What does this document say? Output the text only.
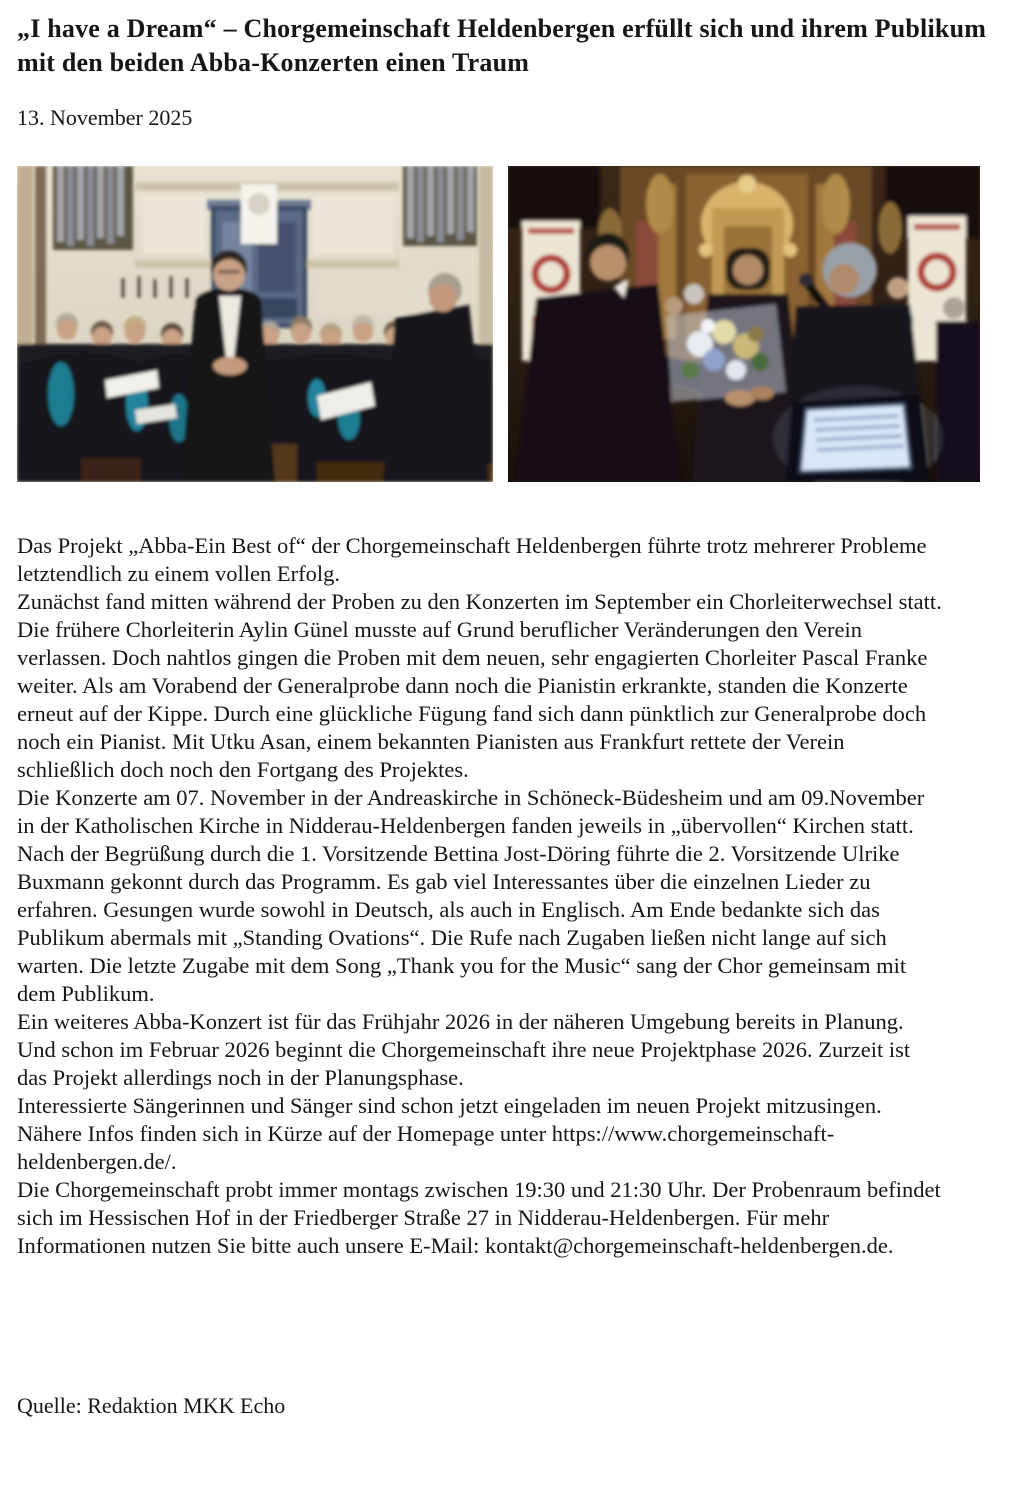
„I have a Dream“ – Chorgemeinschaft Heldenbergen erfüllt sich und ihrem Publikum mit den beiden Abba-Konzerten einen Traum
13. November 2025

Das Projekt „Abba-Ein Best of“ der Chorgemeinschaft Heldenbergen führte trotz mehrerer Probleme letztendlich zu einem vollen Erfolg.

Zunächst fand mitten während der Proben zu den Konzerten im September ein Chorleiterwechsel statt. Die frühere Chorleiterin Aylin Günel musste auf Grund beruflicher Veränderungen den Verein verlassen. Doch nahtlos gingen die Proben mit dem neuen, sehr engagierten Chorleiter Pascal Franke weiter. Als am Vorabend der Generalprobe dann noch die Pianistin erkrankte, standen die Konzerte erneut auf der Kippe. Durch eine glückliche Fügung fand sich dann pünktlich zur Generalprobe doch noch ein Pianist. Mit Utku Asan, einem bekannten Pianisten aus Frankfurt rettete der Verein schließlich doch noch den Fortgang des Projektes.

Die Konzerte am 07. November in der Andreaskirche in Schöneck-Büdesheim und am 09.November in der Katholischen Kirche in Nidderau-Heldenbergen fanden jeweils in „übervollen“ Kirchen statt. Nach der Begrüßung durch die 1. Vorsitzende Bettina Jost-Döring führte die 2. Vorsitzende Ulrike Buxmann gekonnt durch das Programm. Es gab viel Interessantes über die einzelnen Lieder zu erfahren. Gesungen wurde sowohl in Deutsch, als auch in Englisch. Am Ende bedankte sich das Publikum abermals mit „Standing Ovations“. Die Rufe nach Zugaben ließen nicht lange auf sich warten. Die letzte Zugabe mit dem Song „Thank you for the Music“ sang der Chor gemeinsam mit dem Publikum.

Ein weiteres Abba-Konzert ist für das Frühjahr 2026 in der näheren Umgebung bereits in Planung. Und schon im Februar 2026 beginnt die Chorgemeinschaft ihre neue Projektphase 2026. Zurzeit ist das Projekt allerdings noch in der Planungsphase.

Interessierte Sängerinnen und Sänger sind schon jetzt eingeladen im neuen Projekt mitzusingen. Nähere Infos finden sich in Kürze auf der Homepage unter https://www.chorgemeinschaft-heldenbergen.de/.

Die Chorgemeinschaft probt immer montags zwischen 19:30 und 21:30 Uhr. Der Probenraum befindet sich im Hessischen Hof in der Friedberger Straße 27 in Nidderau-Heldenbergen. Für mehr Informationen nutzen Sie bitte auch unsere E-Mail: kontakt@chorgemeinschaft-heldenbergen.de.

Quelle: Redaktion MKK Echo
